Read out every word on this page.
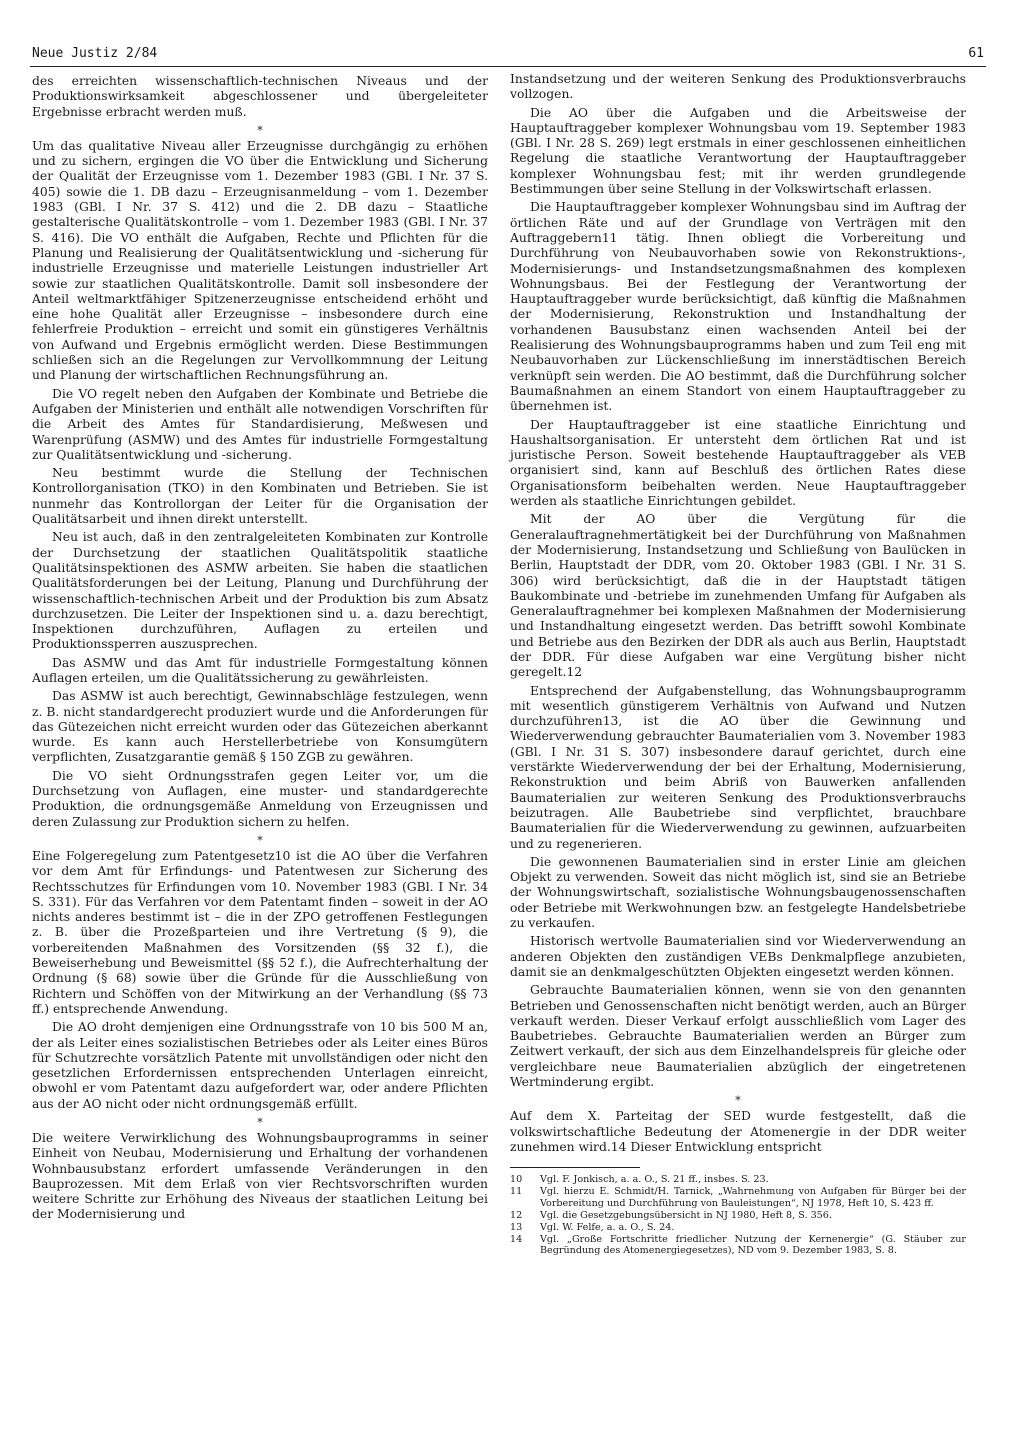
Neue Justiz 2/84	61

des erreichten wissenschaftlich-technischen Niveaus und der Produktionswirksamkeit abgeschlossener und übergeleiteter Ergebnisse erbracht werden muß.

*

Um das qualitative Niveau aller Erzeugnisse durchgängig zu erhöhen und zu sichern, ergingen die VO über die Entwicklung und Sicherung der Qualität der Erzeugnisse vom 1. Dezember 1983 (GBl. I Nr. 37 S. 405) sowie die 1. DB dazu – Erzeugnisanmeldung – vom 1. Dezember 1983 (GBl. I Nr. 37 S. 412) und die 2. DB dazu – Staatliche gestalterische Qualitätskontrolle – vom 1. Dezember 1983 (GBl. I Nr. 37 S. 416). Die VO enthält die Aufgaben, Rechte und Pflichten für die Planung und Realisierung der Qualitätsentwicklung und -sicherung für industrielle Erzeugnisse und materielle Leistungen industrieller Art sowie zur staatlichen Qualitätskontrolle. Damit soll insbesondere der Anteil weltmarktfähiger Spitzenerzeugnisse entscheidend erhöht und eine hohe Qualität aller Erzeugnisse – insbesondere durch eine fehlerfreie Produktion – erreicht und somit ein günstigeres Verhältnis von Aufwand und Ergebnis ermöglicht werden. Diese Bestimmungen schließen sich an die Regelungen zur Vervollkommnung der Leitung und Planung der wirtschaftlichen Rechnungsführung an.

Die VO regelt neben den Aufgaben der Kombinate und Betriebe die Aufgaben der Ministerien und enthält alle notwendigen Vorschriften für die Arbeit des Amtes für Standardisierung, Meßwesen und Warenprüfung (ASMW) und des Amtes für industrielle Formgestaltung zur Qualitätsentwicklung und -sicherung.

Neu bestimmt wurde die Stellung der Technischen Kontrollorganisation (TKO) in den Kombinaten und Betrieben. Sie ist nunmehr das Kontrollorgan der Leiter für die Organisation der Qualitätsarbeit und ihnen direkt unterstellt.

Neu ist auch, daß in den zentralgeleiteten Kombinaten zur Kontrolle der Durchsetzung der staatlichen Qualitätspolitik staatliche Qualitätsinspektionen des ASMW arbeiten. Sie haben die staatlichen Qualitätsforderungen bei der Leitung, Planung und Durchführung der wissenschaftlich-technischen Arbeit und der Produktion bis zum Absatz durchzusetzen. Die Leiter der Inspektionen sind u. a. dazu berechtigt, Inspektionen durchzuführen, Auflagen zu erteilen und Produktionssperren auszusprechen.

Das ASMW und das Amt für industrielle Formgestaltung können Auflagen erteilen, um die Qualitätssicherung zu gewährleisten.

Das ASMW ist auch berechtigt, Gewinnabschläge festzulegen, wenn z. B. nicht standardgerecht produziert wurde und die Anforderungen für das Gütezeichen nicht erreicht wurden oder das Gütezeichen aberkannt wurde. Es kann auch Herstellerbetriebe von Konsumgütern verpflichten, Zusatzgarantie gemäß § 150 ZGB zu gewähren.

Die VO sieht Ordnungsstrafen gegen Leiter vor, um die Durchsetzung von Auflagen, eine muster- und standardgerechte Produktion, die ordnungsgemäße Anmeldung von Erzeugnissen und deren Zulassung zur Produktion sichern zu helfen.

*

Eine Folgeregelung zum Patentgesetz10 ist die AO über die Verfahren vor dem Amt für Erfindungs- und Patentwesen zur Sicherung des Rechtsschutzes für Erfindungen vom 10. November 1983 (GBl. I Nr. 34 S. 331). Für das Verfahren vor dem Patentamt finden – soweit in der AO nichts anderes bestimmt ist – die in der ZPO getroffenen Festlegungen z. B. über die Prozeßparteien und ihre Vertretung (§ 9), die vorbereitenden Maßnahmen des Vorsitzenden (§§ 32 f.), die Beweiserhebung und Beweismittel (§§ 52 f.), die Aufrechterhaltung der Ordnung (§ 68) sowie über die Gründe für die Ausschließung von Richtern und Schöffen von der Mitwirkung an der Verhandlung (§§ 73 ff.) entsprechende Anwendung.

Die AO droht demjenigen eine Ordnungsstrafe von 10 bis 500 M an, der als Leiter eines sozialistischen Betriebes oder als Leiter eines Büros für Schutzrechte vorsätzlich Patente mit unvollständigen oder nicht den gesetzlichen Erfordernissen entsprechenden Unterlagen einreicht, obwohl er vom Patentamt dazu aufgefordert war, oder andere Pflichten aus der AO nicht oder nicht ordnungsgemäß erfüllt.

*

Die weitere Verwirklichung des Wohnungsbauprogramms in seiner Einheit von Neubau, Modernisierung und Erhaltung der vorhandenen Wohnbausubstanz erfordert umfassende Veränderungen in den Bauprozessen. Mit dem Erlaß von vier Rechtsvorschriften wurden weitere Schritte zur Erhöhung des Niveaus der staatlichen Leitung bei der Modernisierung und

Instandsetzung und der weiteren Senkung des Produktionsverbrauchs vollzogen.

Die AO über die Aufgaben und die Arbeitsweise der Hauptauftraggeber komplexer Wohnungsbau vom 19. September 1983 (GBl. I Nr. 28 S. 269) legt erstmals in einer geschlossenen einheitlichen Regelung die staatliche Verantwortung der Hauptauftraggeber komplexer Wohnungsbau fest; mit ihr werden grundlegende Bestimmungen über seine Stellung in der Volkswirtschaft erlassen.

Die Hauptauftraggeber komplexer Wohnungsbau sind im Auftrag der örtlichen Räte und auf der Grundlage von Verträgen mit den Auftraggebern11 tätig. Ihnen obliegt die Vorbereitung und Durchführung von Neubauvorhaben sowie von Rekonstruktions-, Modernisierungs- und Instandsetzungsmaßnahmen des komplexen Wohnungsbaus. Bei der Festlegung der Verantwortung der Hauptauftraggeber wurde berücksichtigt, daß künftig die Maßnahmen der Modernisierung, Rekonstruktion und Instandhaltung der vorhandenen Bausubstanz einen wachsenden Anteil bei der Realisierung des Wohnungsbauprogramms haben und zum Teil eng mit Neubauvorhaben zur Lückenschließung im innerstädtischen Bereich verknüpft sein werden. Die AO bestimmt, daß die Durchführung solcher Baumaßnahmen an einem Standort von einem Hauptauftraggeber zu übernehmen ist.

Der Hauptauftraggeber ist eine staatliche Einrichtung und Haushaltsorganisation. Er untersteht dem örtlichen Rat und ist juristische Person. Soweit bestehende Hauptauftraggeber als VEB organisiert sind, kann auf Beschluß des örtlichen Rates diese Organisationsform beibehalten werden. Neue Hauptauftraggeber werden als staatliche Einrichtungen gebildet.

Mit der AO über die Vergütung für die Generalauftragnehmertätigkeit bei der Durchführung von Maßnahmen der Modernisierung, Instandsetzung und Schließung von Baulücken in Berlin, Hauptstadt der DDR, vom 20. Oktober 1983 (GBl. I Nr. 31 S. 306) wird berücksichtigt, daß die in der Hauptstadt tätigen Baukombinate und -betriebe im zunehmenden Umfang für Aufgaben als Generalauftragnehmer bei komplexen Maßnahmen der Modernisierung und Instandhaltung eingesetzt werden. Das betrifft sowohl Kombinate und Betriebe aus den Bezirken der DDR als auch aus Berlin, Hauptstadt der DDR. Für diese Aufgaben war eine Vergütung bisher nicht geregelt.12

Entsprechend der Aufgabenstellung, das Wohnungsbauprogramm mit wesentlich günstigerem Verhältnis von Aufwand und Nutzen durchzuführen13, ist die AO über die Gewinnung und Wiederverwendung gebrauchter Baumaterialien vom 3. November 1983 (GBl. I Nr. 31 S. 307) insbesondere darauf gerichtet, durch eine verstärkte Wiederverwendung der bei der Erhaltung, Modernisierung, Rekonstruktion und beim Abriß von Bauwerken anfallenden Baumaterialien zur weiteren Senkung des Produktionsverbrauchs beizutragen. Alle Baubetriebe sind verpflichtet, brauchbare Baumaterialien für die Wiederverwendung zu gewinnen, aufzuarbeiten und zu regenerieren.

Die gewonnenen Baumaterialien sind in erster Linie am gleichen Objekt zu verwenden. Soweit das nicht möglich ist, sind sie an Betriebe der Wohnungswirtschaft, sozialistische Wohnungsbaugenossenschaften oder Betriebe mit Werkwohnungen bzw. an festgelegte Handelsbetriebe zu verkaufen.

Historisch wertvolle Baumaterialien sind vor Wiederverwendung an anderen Objekten den zuständigen VEBs Denkmalpflege anzubieten, damit sie an denkmalgeschützten Objekten eingesetzt werden können.

Gebrauchte Baumaterialien können, wenn sie von den genannten Betrieben und Genossenschaften nicht benötigt werden, auch an Bürger verkauft werden. Dieser Verkauf erfolgt ausschließlich vom Lager des Baubetriebes. Gebrauchte Baumaterialien werden an Bürger zum Zeitwert verkauft, der sich aus dem Einzelhandelspreis für gleiche oder vergleichbare neue Baumaterialien abzüglich der eingetretenen Wertminderung ergibt.

*

Auf dem X. Parteitag der SED wurde festgestellt, daß die volkswirtschaftliche Bedeutung der Atomenergie in der DDR weiter zunehmen wird.14 Dieser Entwicklung entspricht

10	Vgl. F. Jonkisch, a. a. O., S. 21 ff., insbes. S. 23.
11	Vgl. hierzu E. Schmidt/H. Tarnick, „Wahrnehmung von Aufgaben für Bürger bei der Vorbereitung und Durchführung von Bauleistungen“, NJ 1978, Heft 10, S. 423 ff.
12	Vgl. die Gesetzgebungsübersicht in NJ 1980, Heft 8, S. 356.
13	Vgl. W. Felfe, a. a. O., S. 24.
14	Vgl. „Große Fortschritte friedlicher Nutzung der Kernenergie“ (G. Stäuber zur Begründung des Atomenergiegesetzes), ND vom 9. Dezember 1983, S. 8.
